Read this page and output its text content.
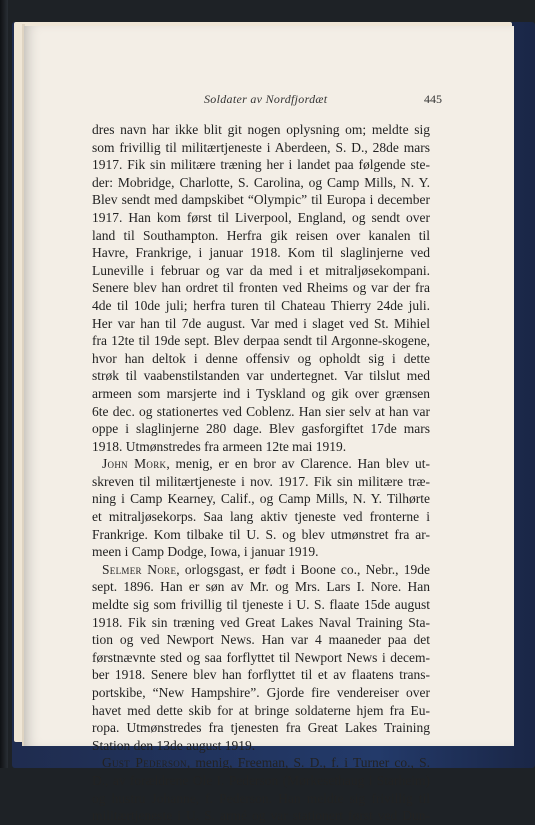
Soldater av Nordfjordæt	445
dres navn har ikke blit git nogen oplysning om; meldte sig
som frivillig til militærtjeneste i Aberdeen, S. D., 28de mars
1917. Fik sin militære træning her i landet paa følgende ste-
der: Mobridge, Charlotte, S. Carolina, og Camp Mills, N. Y.
Blev sendt med dampskibet “Olympic” til Europa i december
1917. Han kom først til Liverpool, England, og sendt over
land til Southampton. Herfra gik reisen over kanalen til
Havre, Frankrige, i januar 1918. Kom til slaglinjerne ved
Luneville i februar og var da med i et mitraljøsekompani.
Senere blev han ordret til fronten ved Rheims og var der fra
4de til 10de juli; herfra turen til Chateau Thierry 24de juli.
Her var han til 7de august. Var med i slaget ved St. Mihiel
fra 12te til 19de sept. Blev derpaa sendt til Argonne-skogene,
hvor han deltok i denne offensiv og opholdt sig i dette
strøk til vaabenstilstanden var undertegnet. Var tilslut med
armeen som marsjerte ind i Tyskland og gik over grænsen
6te dec. og stationertes ved Coblenz. Han sier selv at han var
oppe i slaglinjerne 280 dage. Blev gasforgiftet 17de mars
1918. Utmønstredes fra armeen 12te mai 1919.
John Mork, menig, er en bror av Clarence. Han blev ut-
skreven til militærtjeneste i nov. 1917. Fik sin militære træ-
ning i Camp Kearney, Calif., og Camp Mills, N. Y. Tilhørte
et mitraljøsekorps. Saa lang aktiv tjeneste ved fronterne i
Frankrige. Kom tilbake til U. S. og blev utmønstret fra ar-
meen i Camp Dodge, Iowa, i januar 1919.
Selmer Nore, orlogsgast, er født i Boone co., Nebr., 19de
sept. 1896. Han er søn av Mr. og Mrs. Lars I. Nore. Han
meldte sig som frivillig til tjeneste i U. S. flaate 15de august
1918. Fik sin træning ved Great Lakes Naval Training Sta-
tion og ved Newport News. Han var 4 maaneder paa det
førstnævnte sted og saa forflyttet til Newport News i decem-
ber 1918. Senere blev han forflyttet til et av flaatens trans-
portskibe, “New Hampshire”. Gjorde fire vendereiser over
havet med dette skib for at bringe soldaterne hjem fra Eu-
ropa. Utmønstredes fra tjenesten fra Great Lakes Training
Station den 13de august 1919.
Gust Pederson, menig, Freeman, S. D., f. i Turner co., S.
D., av forældrene Ole I. Pederson (Mørkesethaug i Starheim)
og hustru Johanne, f. Pederson. Han meldte sig frivillig til
militærtjeneste i U. S. armé og var stationert først ved Dun-
